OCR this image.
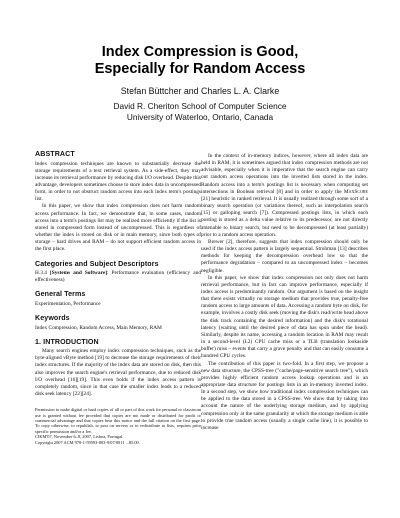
Index Compression is Good,
Especially for Random Access
Stefan Büttcher and Charles L. A. Clarke
David R. Cheriton School of Computer Science
University of Waterloo, Ontario, Canada
ABSTRACT

Index compression techniques are known to substantially decrease the storage requirements of a text retrieval system. As a side-effect, they may increase its retrieval performance by reducing disk I/O overhead. Despite this advantage, developers sometimes choose to store index data in uncompressed form, in order to not obstruct random access into each index term's postings list.

In this paper, we show that index compression does not harm random access performance. In fact, we demonstrate that, in some cases, random access into a term's postings list may be realized more efficiently if the list is stored in compressed form instead of uncompressed. This is regardless of whether the index is stored on disk or in main memory, since both types of storage – hard drives and RAM – do not support efficient random access in the first place.

Categories and Subject Descriptors

H.3.4 [Systems and Software]: Performance evaluation (efficiency and effectiveness)

General Terms

Experimentation, Performance

Keywords

Index Compression, Random Access, Main Memory, RAM

1. INTRODUCTION

Many search engines employ index compression techniques, such as the byte-aligned vByte method [19] to decrease the storage requirements of their index structures. If the majority of the index data are stored on disk, then this also improves the search engine's retrieval performance, due to reduced disk I/O overhead [16][19]. This even holds if the index access pattern is completely random, since in that case the smaller index leads to a reduced disk seek latency [22][24].

Permission to make digital or hard copies of all or part of this work for personal or classroom use is granted without fee provided that copies are not made or distributed for profit or commercial advantage and that copies bear this notice and the full citation on the first page. To copy otherwise, to republish, to post on servers or to redistribute to lists, requires prior specific permission and/or a fee.

CIKM'07, November 6–8, 2007, Lisboa, Portugal.

Copyright 2007 ACM 978-1-59593-803-9/07/0011 ...$5.00.

In the context of in-memory indices, however, where all index data are held in RAM, it is sometimes argued that index compression methods are not advisable, especially when it is imperative that the search engine can carry out random access operations into the inverted lists stored in the index. Random access into a term's postings list is necessary when computing set intersections in Boolean retrieval [8] and in order to apply the MaxScore [21] heuristic in ranked retrieval. It is usually realized through some sort of a binary search operation (or variations thereof, such as interpolation search [15] or galloping search [7]). Compressed postings lists, in which each posting is stored as a delta value relative to its predecessor, are not directly amenable to binary search, but need to be decompressed (at least partially) prior to a random access operation.

Brewer [2], therefore, suggests that index compression should only be used if the index access pattern is largely sequential. Strohman [13] describes methods for keeping the decompression overhead low so that the performance degradation – compared to an uncompressed index – becomes negligible.

In this paper, we show that index compression not only does not harm retrieval performance, but in fact can improve performance, especially if index access is predominantly random. Our argument is based on the insight that there exists virtually no storage medium that provides true, penalty-free random access to large amounts of data. Accessing a random byte on disk, for example, involves a costly disk seek (moving the disk's read/write head above the disk track containing the desired information) and the disk's rotational latency (waiting until the desired piece of data has spun under the head). Similarly, despite its name, accessing a random location in RAM may result in a second-level (L2) CPU cache miss or a TLB (translation lookaside buffer) miss – events that carry a grave penalty and that can easily consume a hundred CPU cycles.

The contribution of this paper is two-fold. In a first step, we propose a new data structure, the CPSS-tree ("cache/page-sensitive search tree"), which provides highly efficient random access lookup operations and is an appropriate data structure for postings lists in an in-memory inverted index. In a second step, we show how traditional index compression techniques can be applied to the data stored in a CPSS-tree. We show that by taking into account the nature of the underlying storage medium, and by applying compression only at the same granularity at which the storage medium is able to provide true random access (usually a single cache line), it is possible to increase
